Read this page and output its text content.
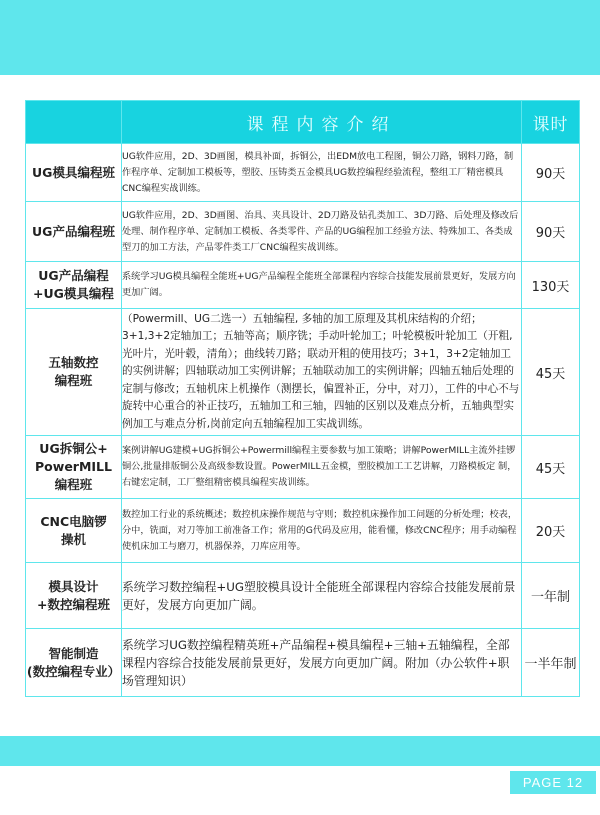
	课程内容介绍	课时

UG模具编程班	UG软件应用，2D、3D画图，模具补面，拆铜公，出EDM放电工程图，铜公刀路，钢料刀路，制作程序单、定制加工模板等，塑胶、压铸类五金模具UG数控编程经验流程，整组工厂精密模具CNC编程实战训练。	90天

UG产品编程班	UG软件应用，2D、3D画图、治具、夹具设计、2D刀路及钻孔类加工、3D刀路、后处理及修改后处理、制作程序单、定制加工模板、各类零件、产品的UG编程加工经验方法、特殊加工、各类成型刀的加工方法，产品零件类工厂CNC编程实战训练。	90天

UG产品编程
+UG模具编程	系统学习UG模具编程全能班+UG产品编程全能班全部课程内容综合技能发展前景更好，发展方向更加广阔。	130天

五轴数控
编程班	（Powermill、UG二选一）五轴编程, 多轴的加工原理及其机床结构的介绍；3+1,3+2定轴加工；五轴等高；顺序铣；手动叶轮加工；叶轮模板叶轮加工（开粗,光叶片，光叶毂，清角）；曲线转刀路；联动开粗的使用技巧；3+1，3+2定轴加工的实例讲解；四轴联动加工实例讲解；五轴联动加工的实例讲解；四轴五轴后处理的定制与修改；五轴机床上机操作（测摆长，偏置补正，分中，对刀），工件的中心不与旋转中心重合的补正技巧，五轴加工和三轴，四轴的区别以及难点分析，五轴典型实例加工与难点分析,岗前定向五轴编程加工实战训练。	45天

UG拆铜公+
PowerMILL
编程班	案例讲解UG建模+UG拆铜公+Powermill编程主要参数与加工策略；讲解PowerMILL主流外挂锣铜公,批量排版铜公及高级参数设置。PowerMILL五金模，塑胶模加工工艺讲解，刀路模板定 制，右键宏定制，工厂整组精密模具编程实战训练。	45天

CNC电脑锣
操机	数控加工行业的系统概述；数控机床操作规范与守则；数控机床操作加工问题的分析处理；校表，分中，铣面，对刀等加工前准备工作；常用的G代码及应用，能看懂，修改CNC程序；用手动编程使机床加工与磨刀，机器保养，刀库应用等。	20天

模具设计
+数控编程班	系统学习数控编程+UG塑胶模具设计全能班全部课程内容综合技能发展前景更好，发展方向更加广阔。	一年制

智能制造
(数控编程专业）	系统学习UG数控编程精英班+产品编程+模具编程+三轴+五轴编程，全部课程内容综合技能发展前景更好，发展方向更加广阔。附加（办公软件+职场管理知识）	一半年制
PAGE 12
